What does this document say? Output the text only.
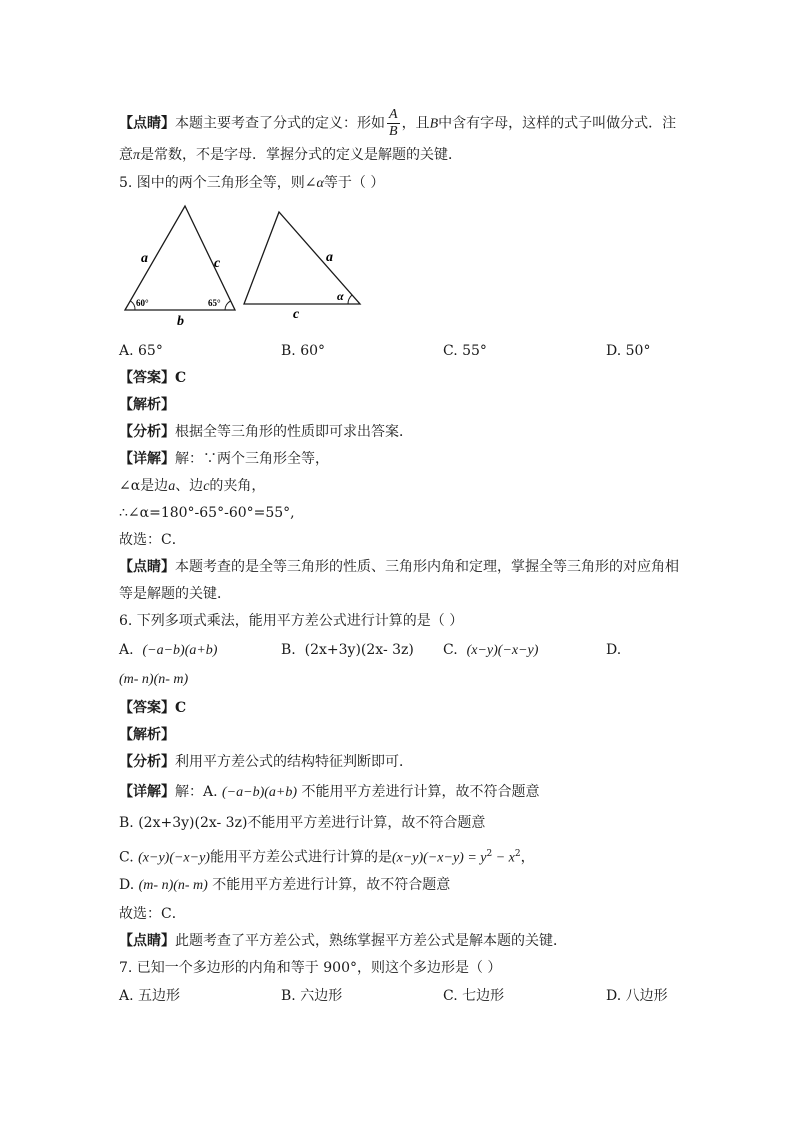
【点睛】本题主要考查了分式的定义：形如 $\frac{A}{B}$ ，且B中含有字母，这样的式子叫做分式．注
意π是常数，不是字母．掌握分式的定义是解题的关键．
5. 图中的两个三角形全等，则∠α等于（ ）
a	c
b
60°	65°
a
c
α
A. 65°	B. 60°	C. 55°	D. 50°
【答案】C
【解析】
【分析】根据全等三角形的性质即可求出答案．
【详解】解：∵两个三角形全等，
∠α是边a、边c的夹角，
∴∠α=180°-65°-60°=55°,
故选：C．
【点睛】本题考查的是全等三角形的性质、三角形内角和定理，掌握全等三角形的对应角相
等是解题的关键．
6. 下列多项式乘法，能用平方差公式进行计算的是（ ）
A. (−a−b)(a+b)	B. (2x+3y)(2x- 3z) C. (x−y)(−x−y)	D.
(m- n)(n- m)
【答案】C
【解析】
【分析】利用平方差公式的结构特征判断即可．
【详解】解：A. (−a−b)(a+b) 不能用平方差进行计算，故不符合题意
B. (2x+3y)(2x- 3z)不能用平方差进行计算，故不符合题意
C. (x−y)(−x−y)能用平方差公式进行计算的是$(x-y)(-x-y) = y^2 - x^2$，
D. (m- n)(n- m) 不能用平方差进行计算，故不符合题意
故选：C．
【点睛】此题考查了平方差公式，熟练掌握平方差公式是解本题的关键．
7. 已知一个多边形的内角和等于 900°，则这个多边形是（ ）
A. 五边形	B. 六边形	C. 七边形	D. 八边形
